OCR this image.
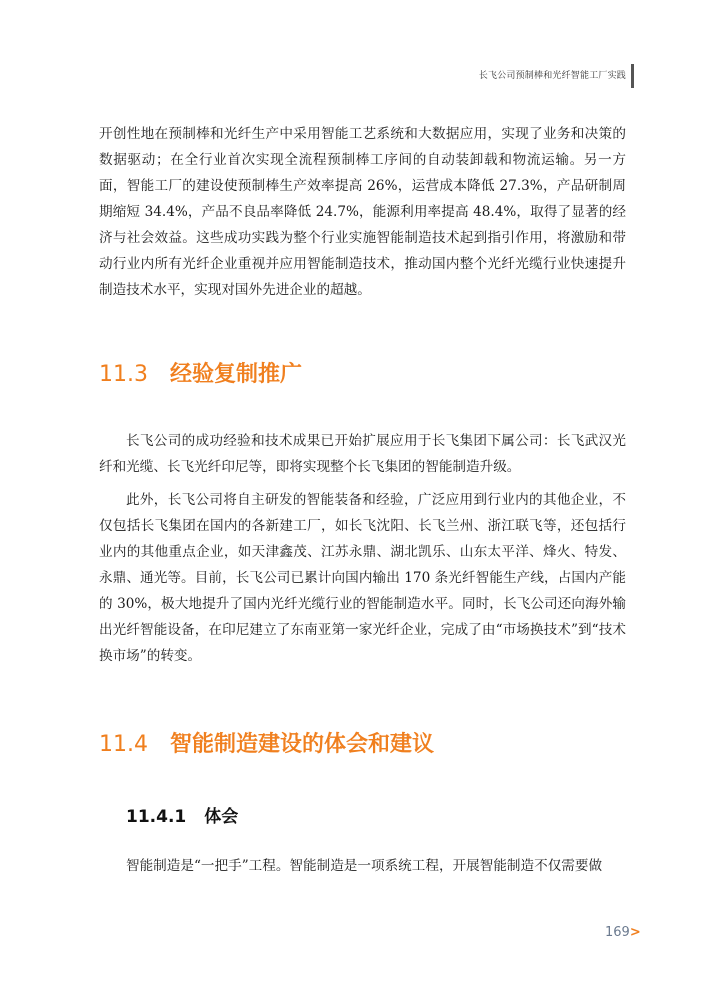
长飞公司预制棒和光纤智能工厂实践

开创性地在预制棒和光纤生产中采用智能工艺系统和大数据应用，实现了业务和决策的数据驱动；在全行业首次实现全流程预制棒工序间的自动装卸载和物流运输。另一方面，智能工厂的建设使预制棒生产效率提高 26%，运营成本降低 27.3%，产品研制周期缩短 34.4%，产品不良品率降低 24.7%，能源利用率提高 48.4%，取得了显著的经济与社会效益。这些成功实践为整个行业实施智能制造技术起到指引作用，将激励和带动行业内所有光纤企业重视并应用智能制造技术，推动国内整个光纤光缆行业快速提升制造技术水平，实现对国外先进企业的超越。

11.3 经验复制推广

长飞公司的成功经验和技术成果已开始扩展应用于长飞集团下属公司：长飞武汉光纤和光缆、长飞光纤印尼等，即将实现整个长飞集团的智能制造升级。

此外，长飞公司将自主研发的智能装备和经验，广泛应用到行业内的其他企业，不仅包括长飞集团在国内的各新建工厂，如长飞沈阳、长飞兰州、浙江联飞等，还包括行业内的其他重点企业，如天津鑫茂、江苏永鼎、湖北凯乐、山东太平洋、烽火、特发、永鼎、通光等。目前，长飞公司已累计向国内输出 170 条光纤智能生产线，占国内产能的 30%，极大地提升了国内光纤光缆行业的智能制造水平。同时，长飞公司还向海外输出光纤智能设备，在印尼建立了东南亚第一家光纤企业，完成了由“市场换技术”到“技术换市场”的转变。

11.4 智能制造建设的体会和建议
11.4.1 体会

智能制造是“一把手”工程。智能制造是一项系统工程，开展智能制造不仅需要做

169>
